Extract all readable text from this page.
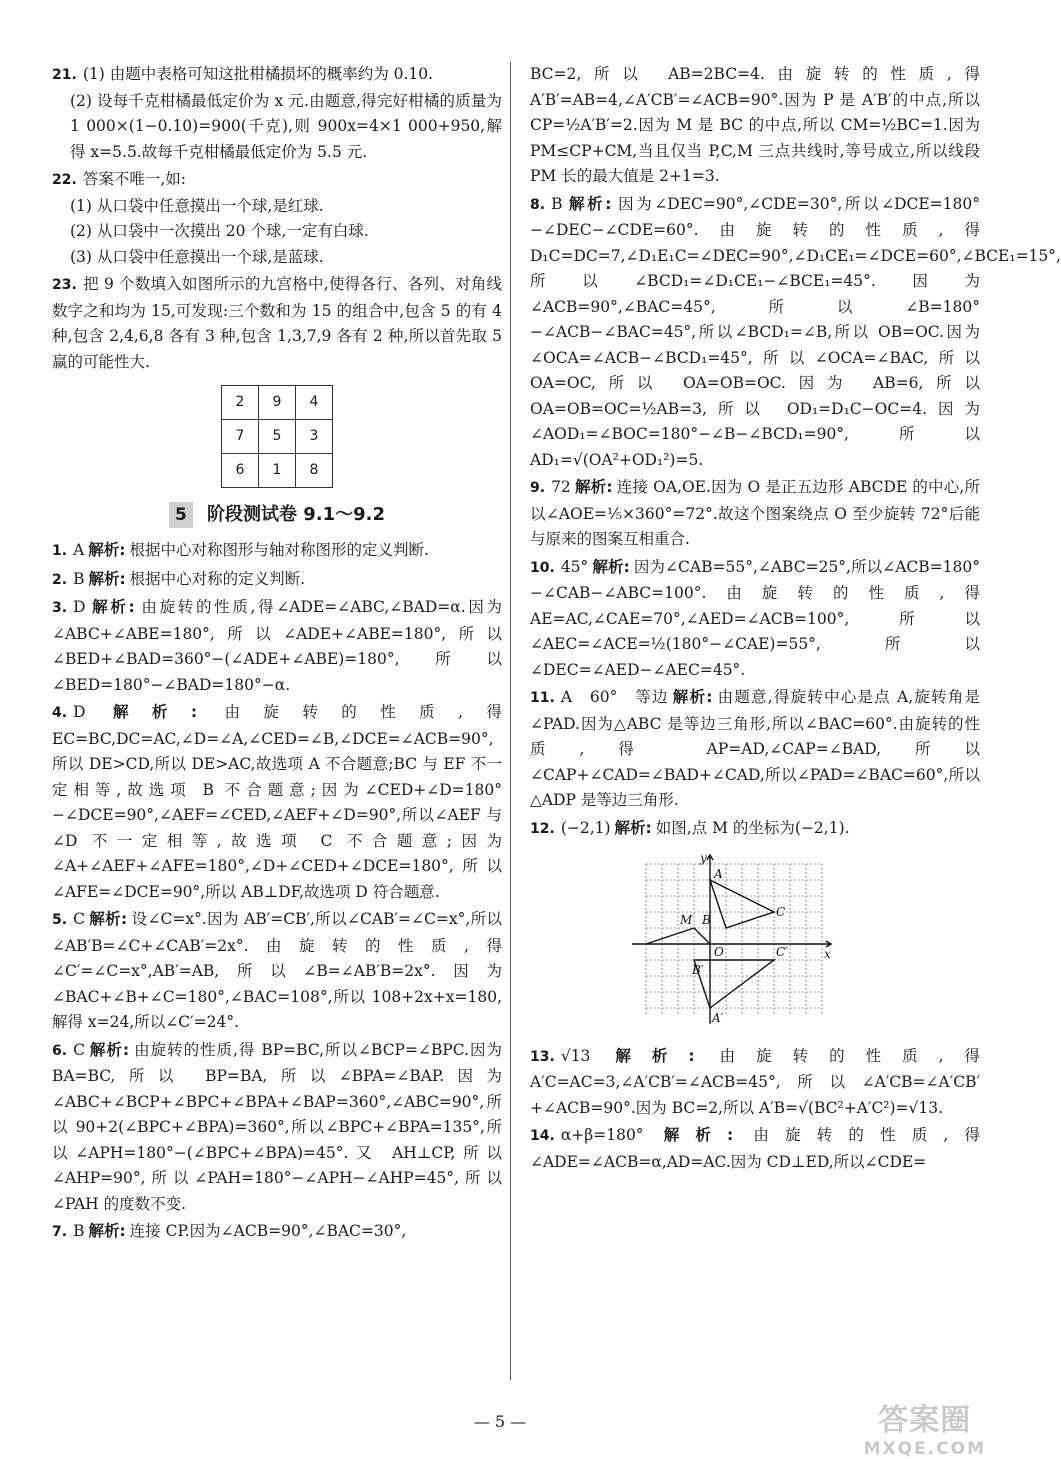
21. (1) 由题中表格可知这批柑橘损坏的概率约为 0.10.
(2) 设每千克柑橘最低定价为 x 元.由题意,得完好柑橘的质量为 1 000×(1−0.10)=900(千克),则 900x=4×1 000+950,解得 x=5.5.故每千克柑橘最低定价为 5.5 元.
22. 答案不唯一,如:
(1) 从口袋中任意摸出一个球,是红球.
(2) 从口袋中一次摸出 20 个球,一定有白球.
(3) 从口袋中任意摸出一个球,是蓝球.
23. 把 9 个数填入如图所示的九宫格中,使得各行、各列、对角线数字之和均为 15,可发现:三个数和为 15 的组合中,包含 5 的有 4 种,包含 2,4,6,8 各有 3 种,包含 1,3,7,9 各有 2 种,所以首先取 5 赢的可能性大.
2	9	4
7	5	3
6	1	8
5	阶段测试卷 9.1～9.2
1. A 解析: 根据中心对称图形与轴对称图形的定义判断.
2. B 解析: 根据中心对称的定义判断.
3. D 解析: 由旋转的性质,得∠ADE=∠ABC,∠BAD=α.因为∠ABC+∠ABE=180°,所以∠ADE+∠ABE=180°,所以∠BED+∠BAD=360°−(∠ADE+∠ABE)=180°,所以∠BED=180°−∠BAD=180°−α.
4. D 解析: 由旋转的性质,得 EC=BC,DC=AC,∠D=∠A,∠CED=∠B,∠DCE=∠ACB=90°,所以 DE>CD,所以 DE>AC,故选项 A 不合题意;BC 与 EF 不一定相等,故选项 B 不合题意;因为∠CED+∠D=180°−∠DCE=90°,∠AEF=∠CED,∠AEF+∠D=90°,所以∠AEF 与∠D 不一定相等,故选项 C 不合题意;因为∠A+∠AEF+∠AFE=180°,∠D+∠CED+∠DCE=180°,所以∠AFE=∠DCE=90°,所以 AB⊥DF,故选项 D 符合题意.
5. C 解析: 设∠C=x°.因为 AB′=CB′,所以∠CAB′=∠C=x°,所以∠AB′B=∠C+∠CAB′=2x°.由旋转的性质,得∠C′=∠C=x°,AB′=AB,所以∠B=∠AB′B=2x°.因为∠BAC+∠B+∠C=180°,∠BAC=108°,所以 108+2x+x=180,解得 x=24,所以∠C′=24°.
6. C 解析: 由旋转的性质,得 BP=BC,所以∠BCP=∠BPC.因为 BA=BC,所以 BP=BA,所以∠BPA=∠BAP.因为∠ABC+∠BCP+∠BPC+∠BPA+∠BAP=360°,∠ABC=90°,所以 90+2(∠BPC+∠BPA)=360°,所以∠BPC+∠BPA=135°,所以∠APH=180°−(∠BPC+∠BPA)=45°.又 AH⊥CP,所以∠AHP=90°,所以∠PAH=180°−∠APH−∠AHP=45°,所以∠PAH 的度数不变.
7. B 解析: 连接 CP.因为∠ACB=90°,∠BAC=30°,
BC=2,所以 AB=2BC=4.由旋转的性质,得 A′B′=AB=4,∠A′CB′=∠ACB=90°.因为 P 是 A′B′的中点,所以 CP=½A′B′=2.因为 M 是 BC 的中点,所以 CM=½BC=1.因为 PM≤CP+CM,当且仅当 P,C,M 三点共线时,等号成立,所以线段 PM 长的最大值是 2+1=3.
8. B 解析: 因为∠DEC=90°,∠CDE=30°,所以∠DCE=180°−∠DEC−∠CDE=60°.由旋转的性质,得 D₁C=DC=7,∠D₁E₁C=∠DEC=90°,∠D₁CE₁=∠DCE=60°,∠BCE₁=15°,所以∠BCD₁=∠D₁CE₁−∠BCE₁=45°.因为∠ACB=90°,∠BAC=45°,所以∠B=180°−∠ACB−∠BAC=45°,所以∠BCD₁=∠B,所以 OB=OC.因为∠OCA=∠ACB−∠BCD₁=45°,所以∠OCA=∠BAC,所以 OA=OC,所以 OA=OB=OC.因为 AB=6,所以 OA=OB=OC=½AB=3,所以 OD₁=D₁C−OC=4.因为∠AOD₁=∠BOC=180°−∠B−∠BCD₁=90°,所以 AD₁=√(OA²+OD₁²)=5.
9. 72 解析: 连接 OA,OE.因为 O 是正五边形 ABCDE 的中心,所以∠AOE=⅕×360°=72°.故这个图案绕点 O 至少旋转 72°后能与原来的图案互相重合.
10. 45° 解析: 因为∠CAB=55°,∠ABC=25°,所以∠ACB=180°−∠CAB−∠ABC=100°.由旋转的性质,得 AE=AC,∠CAE=70°,∠AED=∠ACB=100°,所以∠AEC=∠ACE=½(180°−∠CAE)=55°,所以∠DEC=∠AED−∠AEC=45°.
11. A　60°　等边 解析: 由题意,得旋转中心是点 A,旋转角是∠PAD.因为△ABC 是等边三角形,所以∠BAC=60°.由旋转的性质,得 AP=AD,∠CAP=∠BAD,所以∠CAP+∠CAD=∠BAD+∠CAD,所以∠PAD=∠BAC=60°,所以△ADP 是等边三角形.
12. (−2,1) 解析: 如图,点 M 的坐标为(−2,1).
y
x
O
A
B
C
M
B′
C′
A′
13. √13 解析: 由旋转的性质,得 A′C=AC=3,∠A′CB′=∠ACB=45°,所以∠A′CB=∠A′CB′+∠ACB=90°.因为 BC=2,所以 A′B=√(BC²+A′C²)=√13.
14. α+β=180° 解析: 由旋转的性质,得∠ADE=∠ACB=α,AD=AC.因为 CD⊥ED,所以∠CDE=
— 5 —	答案圈
MXQE.COM
